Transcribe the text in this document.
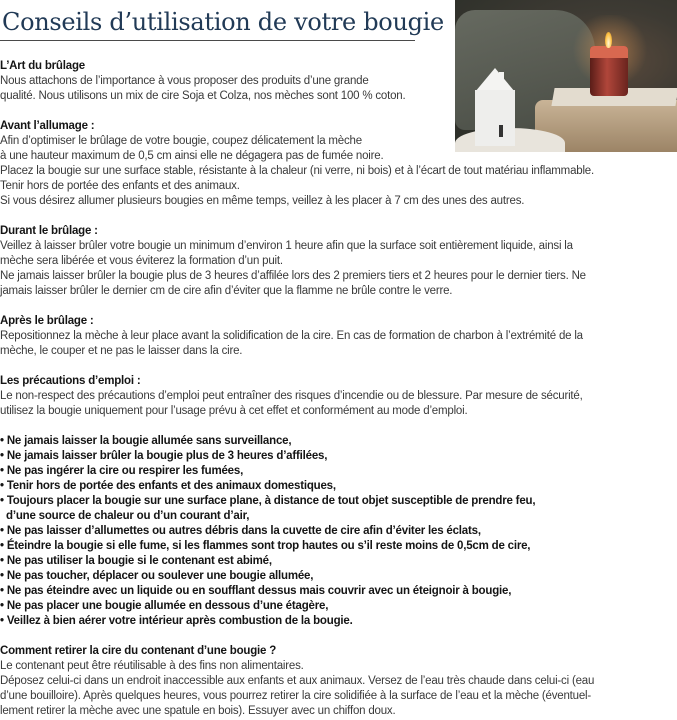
Conseils d’utilisation de votre bougie
L’Art du brûlage
Nous attachons de l’importance à vous proposer des produits d’une grande
qualité. Nous utilisons un mix de cire Soja et Colza, nos mèches sont 100 % coton.
Avant l’allumage :
Afin d’optimiser le brûlage de votre bougie, coupez délicatement la mèche
à une hauteur maximum de 0,5 cm ainsi elle ne dégagera pas de fumée noire.
Placez la bougie sur une surface stable, résistante à la chaleur (ni verre, ni bois) et à l’écart de tout matériau inflammable.
Tenir hors de portée des enfants et des animaux.
Si vous désirez allumer plusieurs bougies en même temps, veillez à les placer à 7 cm des unes des autres.
Durant le brûlage :
Veillez à laisser brûler votre bougie un minimum d’environ 1 heure afin que la surface soit entièrement liquide, ainsi la
mèche sera libérée et vous éviterez la formation d’un puit.
Ne jamais laisser brûler la bougie plus de 3 heures d’affilée lors des 2 premiers tiers et 2 heures pour le dernier tiers. Ne
jamais laisser brûler le dernier cm de cire afin d’éviter que la flamme ne brûle contre le verre.
Après le brûlage :
Repositionnez la mèche à leur place avant la solidification de la cire. En cas de formation de charbon à l’extrémité de la
mèche, le couper et ne pas le laisser dans la cire.
Les précautions d’emploi :
Le non-respect des précautions d’emploi peut entraîner des risques d’incendie ou de blessure. Par mesure de sécurité,
utilisez la bougie uniquement pour l’usage prévu à cet effet et conformément au mode d’emploi.
• Ne jamais laisser la bougie allumée sans surveillance,
• Ne jamais laisser brûler la bougie plus de 3 heures d’affilées,
• Ne pas ingérer la cire ou respirer les fumées,
• Tenir hors de portée des enfants et des animaux domestiques,
• Toujours placer la bougie sur une surface plane, à distance de tout objet susceptible de prendre feu,
d’une source de chaleur ou d’un courant d’air,
• Ne pas laisser d’allumettes ou autres débris dans la cuvette de cire afin d’éviter les éclats,
• Éteindre la bougie si elle fume, si les flammes sont trop hautes ou s’il reste moins de 0,5cm de cire,
• Ne pas utiliser la bougie si le contenant est abimé,
• Ne pas toucher, déplacer ou soulever une bougie allumée,
• Ne pas éteindre avec un liquide ou en soufflant dessus mais couvrir avec un éteignoir à bougie,
• Ne pas placer une bougie allumée en dessous d’une étagère,
• Veillez à bien aérer votre intérieur après combustion de la bougie.
Comment retirer la cire du contenant d’une bougie ?
Le contenant peut être réutilisable à des fins non alimentaires.
Déposez celui-ci dans un endroit inaccessible aux enfants et aux animaux. Versez de l’eau très chaude dans celui-ci (eau
d’une bouilloire). Après quelques heures, vous pourrez retirer la cire solidifiée à la surface de l’eau et la mèche (éventuel-
lement retirer la mèche avec une spatule en bois). Essuyer avec un chiffon doux.
